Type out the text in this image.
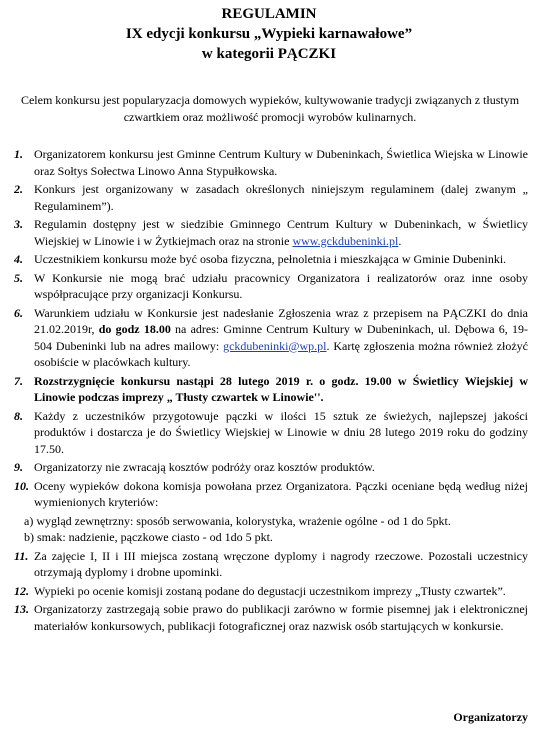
REGULAMIN
IX edycji konkursu „Wypieki karnawałowe”
w kategorii PĄCZKI
Celem konkursu jest popularyzacja domowych wypieków, kultywowanie tradycji związanych z tłustym czwartkiem oraz możliwość promocji wyrobów kulinarnych.
1. Organizatorem konkursu jest Gminne Centrum Kultury w Dubeninkach, Świetlica Wiejska w Linowie oraz Sołtys Sołectwa Linowo Anna Stypułkowska.
2. Konkurs jest organizowany w zasadach określonych niniejszym regulaminem (dalej zwanym „ Regulaminem”).
3. Regulamin dostępny jest w siedzibie Gminnego Centrum Kultury w Dubeninkach, w Świetlicy Wiejskiej w Linowie i w Żytkiejmach oraz na stronie www.gckdubeninki.pl.
4. Uczestnikiem konkursu może być osoba fizyczna, pełnoletnia i mieszkająca w Gminie Dubeninki.
5. W Konkursie nie mogą brać udziału pracownicy Organizatora i realizatorów oraz inne osoby współpracujące przy organizacji Konkursu.
6. Warunkiem udziału w Konkursie jest nadesłanie Zgłoszenia wraz z przepisem na PĄCZKI do dnia 21.02.2019r, do godz 18.00 na adres: Gminne Centrum Kultury w Dubeninkach, ul. Dębowa 6, 19-504 Dubeninki lub na adres mailowy: gckdubeninki@wp.pl. Kartę zgłoszenia można również złożyć osobiście w placówkach kultury.
7. Rozstrzygnięcie konkursu nastąpi 28 lutego 2019 r. o godz. 19.00 w Świetlicy Wiejskiej w Linowie podczas imprezy „ Tłusty czwartek w Linowie''.
8. Każdy z uczestników przygotowuje pączki w ilości 15 sztuk ze świeżych, najlepszej jakości produktów i dostarcza je do Świetlicy Wiejskiej w Linowie w dniu 28 lutego 2019 roku do godziny 17.50.
9. Organizatorzy nie zwracają kosztów podróży oraz kosztów produktów.
10. Oceny wypieków dokona komisja powołana przez Organizatora. Pączki oceniane będą według niżej wymienionych kryteriów:
a) wygląd zewnętrzny: sposób serwowania, kolorystyka, wrażenie ogólne - od 1 do 5pkt.
b) smak: nadzienie, pączkowe ciasto - od 1do 5 pkt.
11. Za zajęcie I, II i III miejsca zostaną wręczone dyplomy i nagrody rzeczowe. Pozostali uczestnicy otrzymają dyplomy i drobne upominki.
12. Wypieki po ocenie komisji zostaną podane do degustacji uczestnikom imprezy „Tłusty czwartek”.
13. Organizatorzy zastrzegają sobie prawo do publikacji zarówno w formie pisemnej jak i elektronicznej materiałów konkursowych, publikacji fotograficznej oraz nazwisk osób startujących w konkursie.
Organizatorzy
